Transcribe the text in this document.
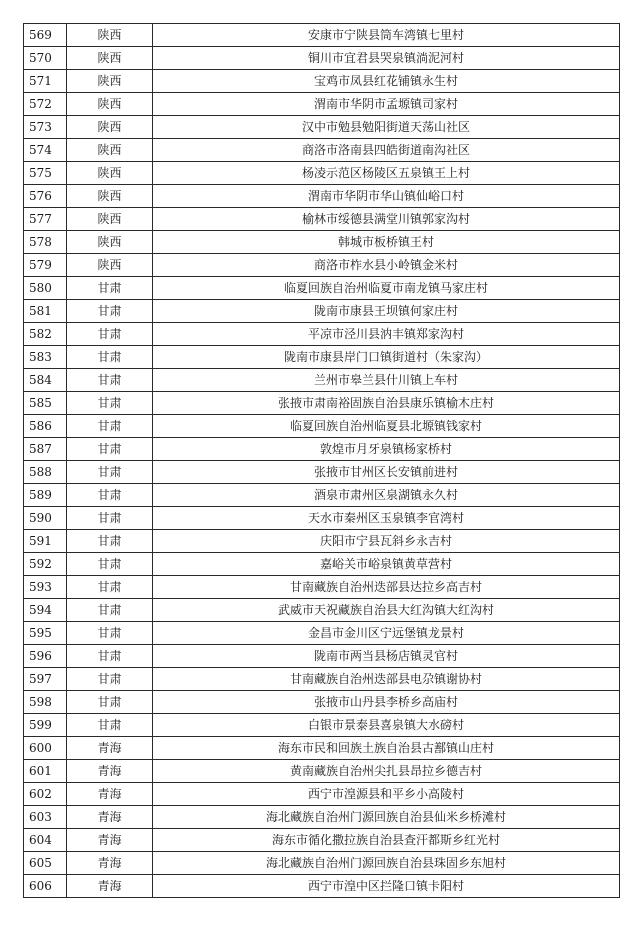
569	陕西	安康市宁陕县筒车湾镇七里村
570	陕西	铜川市宜君县哭泉镇淌泥河村
571	陕西	宝鸡市凤县红花铺镇永生村
572	陕西	渭南市华阴市孟塬镇司家村
573	陕西	汉中市勉县勉阳街道天荡山社区
574	陕西	商洛市洛南县四皓街道南沟社区
575	陕西	杨凌示范区杨陵区五泉镇王上村
576	陕西	渭南市华阴市华山镇仙峪口村
577	陕西	榆林市绥德县满堂川镇郭家沟村
578	陕西	韩城市板桥镇王村
579	陕西	商洛市柞水县小岭镇金米村
580	甘肃	临夏回族自治州临夏市南龙镇马家庄村
581	甘肃	陇南市康县王坝镇何家庄村
582	甘肃	平凉市泾川县汭丰镇郑家沟村
583	甘肃	陇南市康县岸门口镇街道村（朱家沟）
584	甘肃	兰州市皋兰县什川镇上车村
585	甘肃	张掖市肃南裕固族自治县康乐镇榆木庄村
586	甘肃	临夏回族自治州临夏县北塬镇钱家村
587	甘肃	敦煌市月牙泉镇杨家桥村
588	甘肃	张掖市甘州区长安镇前进村
589	甘肃	酒泉市肃州区泉湖镇永久村
590	甘肃	天水市秦州区玉泉镇李官湾村
591	甘肃	庆阳市宁县瓦斜乡永吉村
592	甘肃	嘉峪关市峪泉镇黄草营村
593	甘肃	甘南藏族自治州迭部县达拉乡高吉村
594	甘肃	武威市天祝藏族自治县大红沟镇大红沟村
595	甘肃	金昌市金川区宁远堡镇龙景村
596	甘肃	陇南市两当县杨店镇灵官村
597	甘肃	甘南藏族自治州迭部县电尕镇谢协村
598	甘肃	张掖市山丹县李桥乡高庙村
599	甘肃	白银市景泰县喜泉镇大水磅村
600	青海	海东市民和回族土族自治县古鄯镇山庄村
601	青海	黄南藏族自治州尖扎县昂拉乡德吉村
602	青海	西宁市湟源县和平乡小高陵村
603	青海	海北藏族自治州门源回族自治县仙米乡桥滩村
604	青海	海东市循化撒拉族自治县查汗都斯乡红光村
605	青海	海北藏族自治州门源回族自治县珠固乡东旭村
606	青海	西宁市湟中区拦隆口镇卡阳村
